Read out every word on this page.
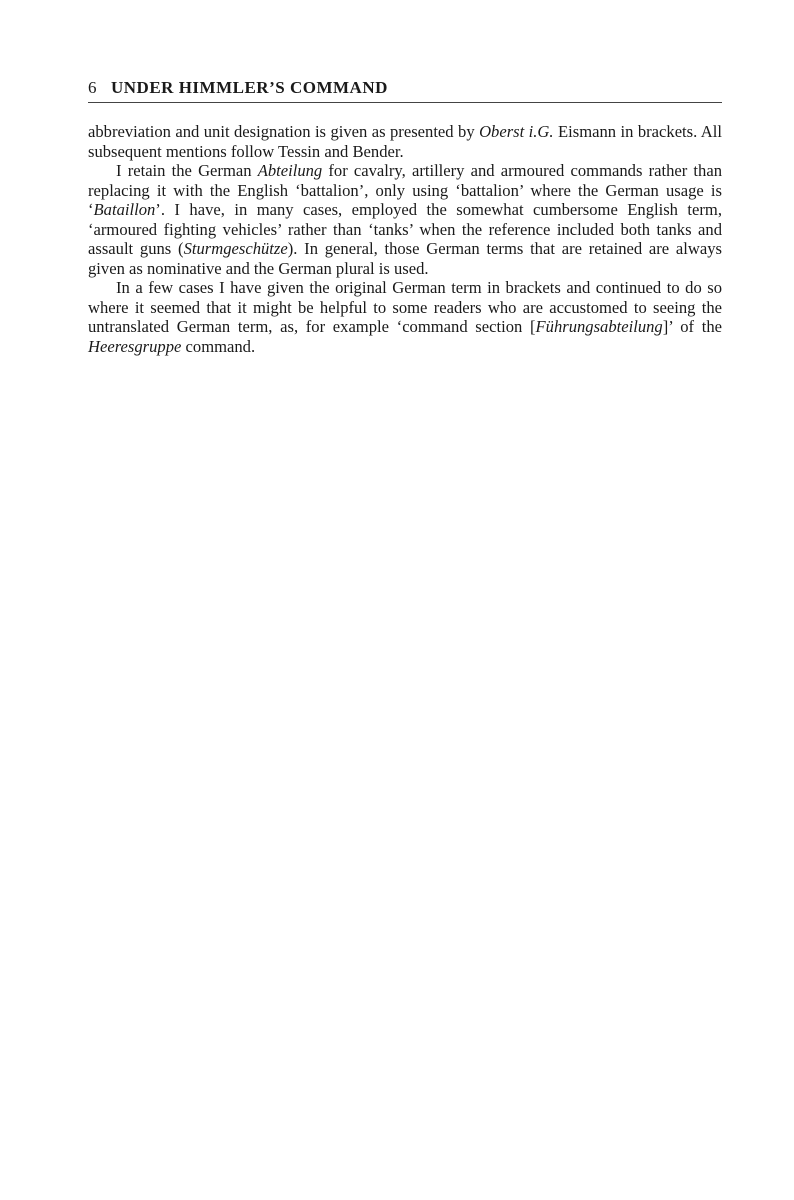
6 UNDER HIMMLER’S COMMAND

abbreviation and unit designation is given as presented by Oberst i.G. Eismann in brackets. All subsequent mentions follow Tessin and Bender.

I retain the German Abteilung for cavalry, artillery and armoured commands rather than replacing it with the English ‘battalion’, only using ‘battalion’ where the German usage is ‘Bataillon’. I have, in many cases, employed the somewhat cumbersome English term, ‘armoured fighting vehicles’ rather than ‘tanks’ when the reference included both tanks and assault guns (Sturmgeschütze). In general, those German terms that are retained are always given as nominative and the German plural is used.

In a few cases I have given the original German term in brackets and continued to do so where it seemed that it might be helpful to some readers who are accustomed to seeing the untranslated German term, as, for example ‘command section [Führungsabteilung]’ of the Heeresgruppe command.
